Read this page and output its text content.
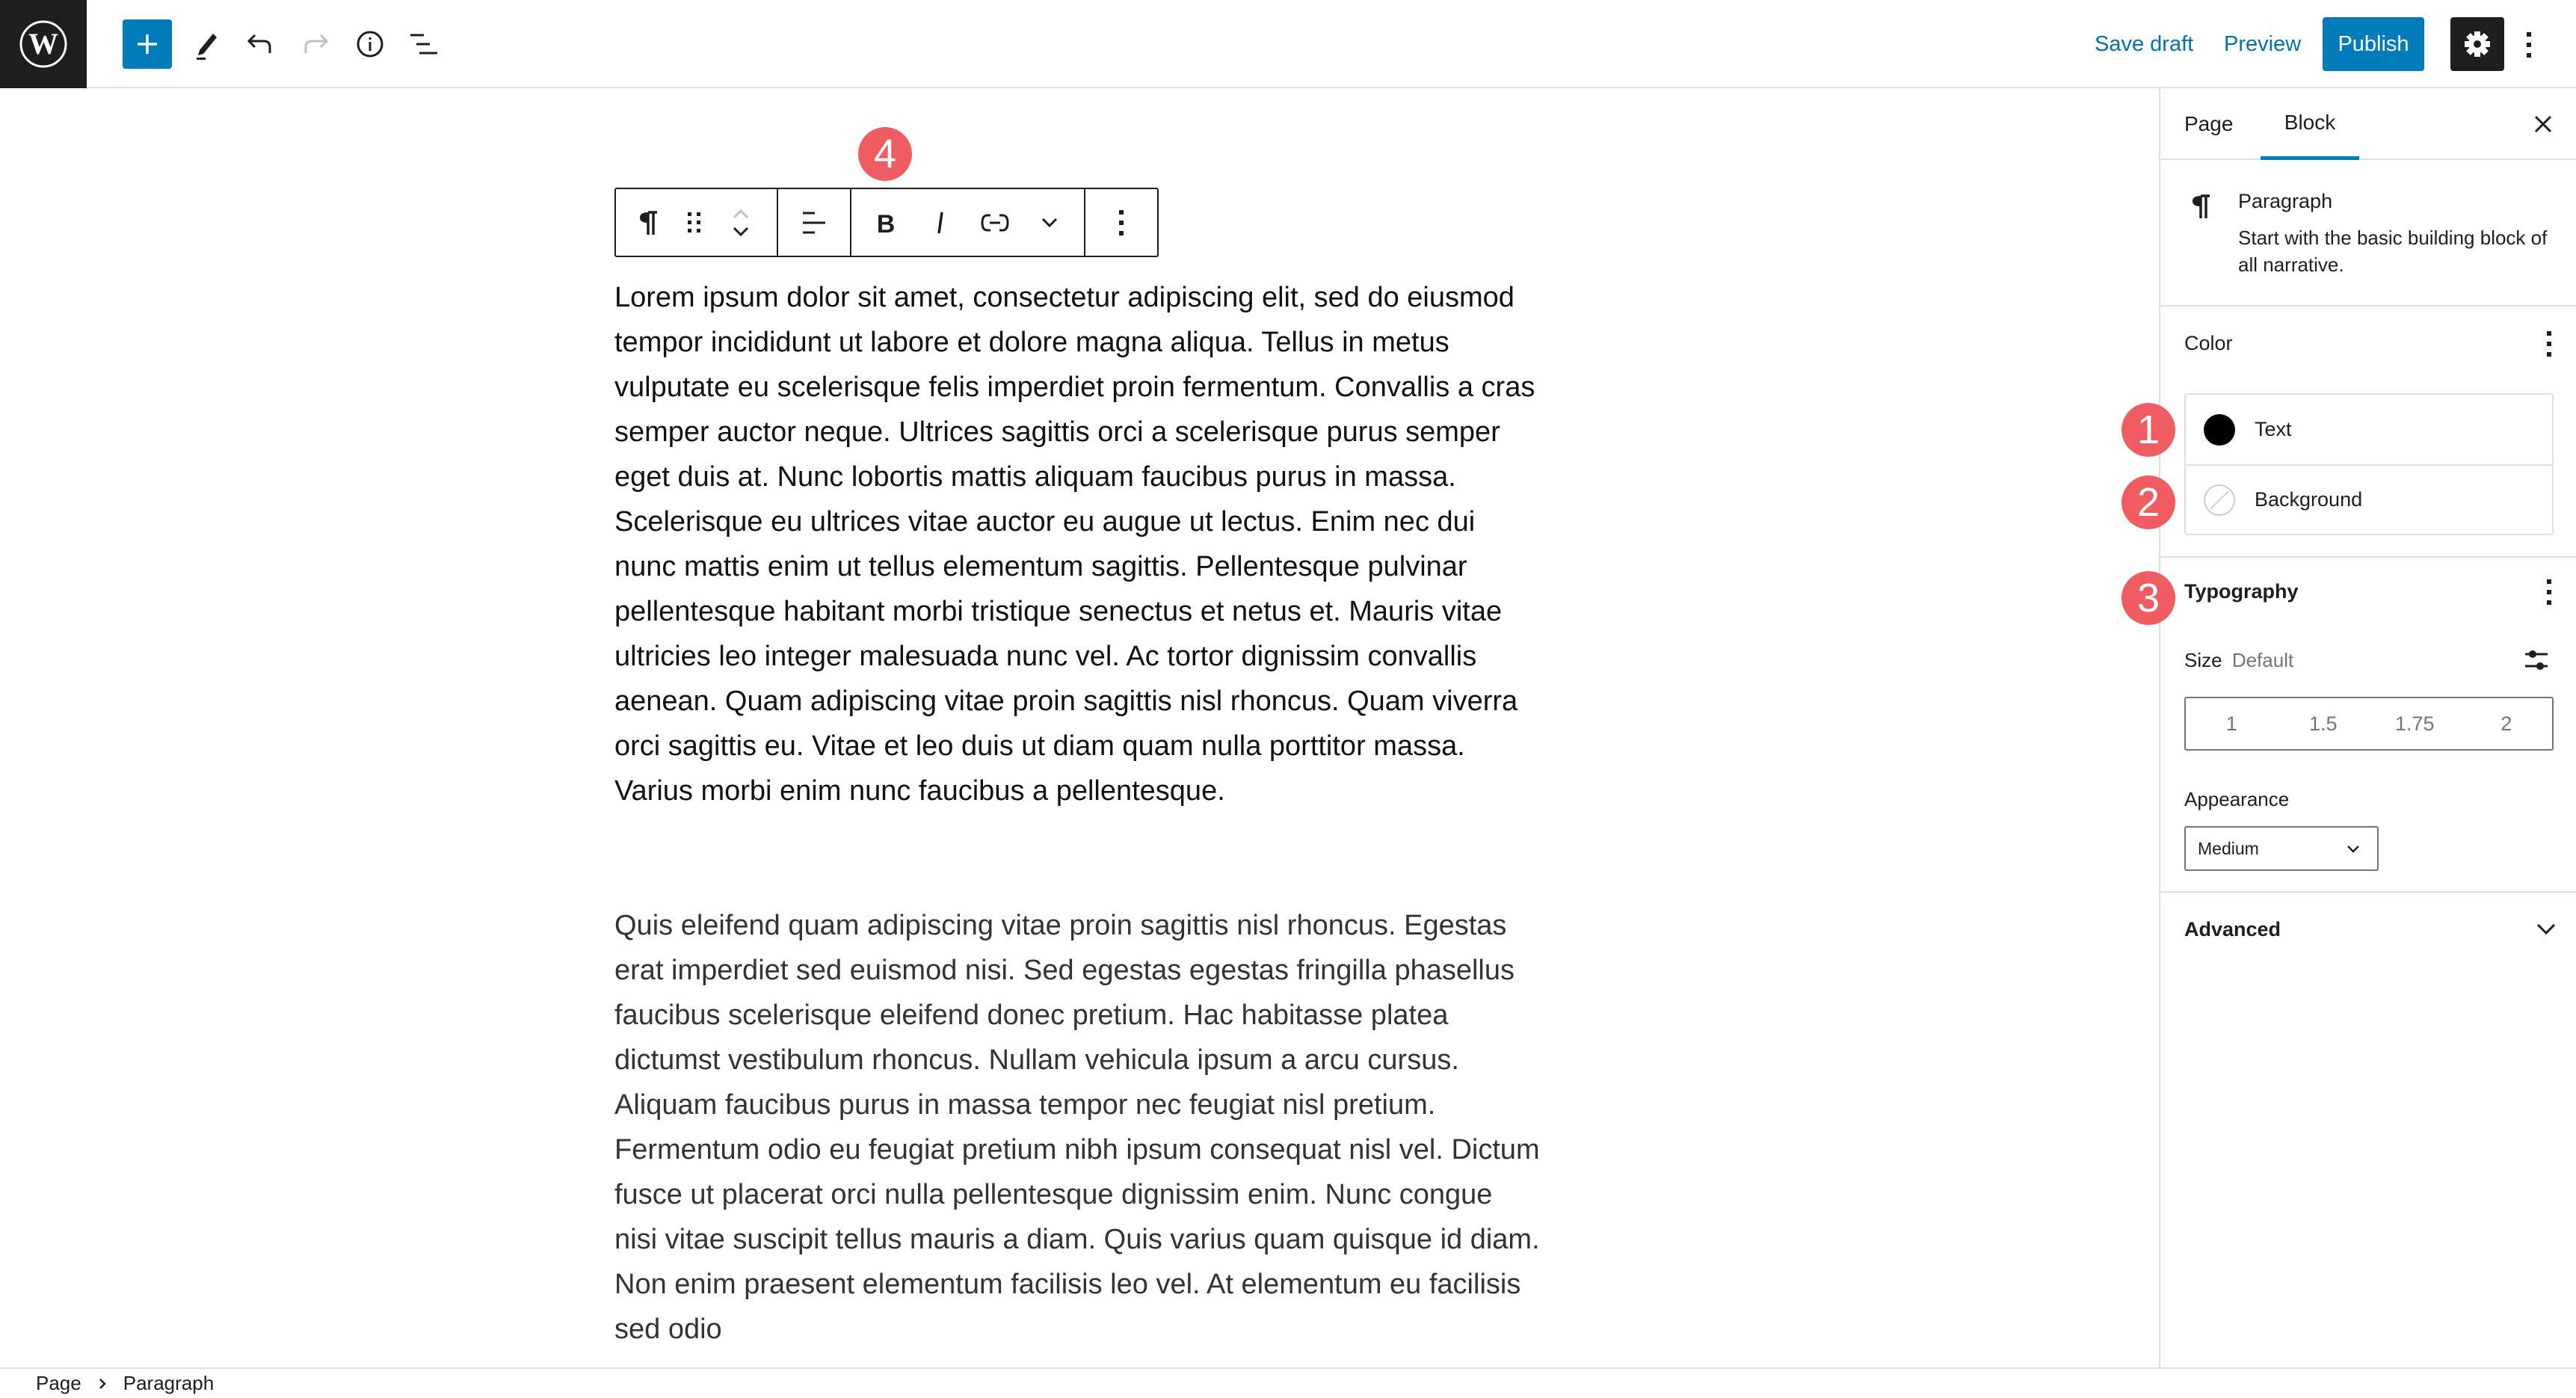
W	Save draft Preview	Publish
4
B

Lorem ipsum dolor sit amet, consectetur adipiscing elit, sed do eiusmod tempor incididunt ut labore et dolore magna aliqua. Tellus in metus vulputate eu scelerisque felis imperdiet proin fermentum. Convallis a cras semper auctor neque. Ultrices sagittis orci a scelerisque purus semper eget duis at. Nunc lobortis mattis aliquam faucibus purus in massa. Scelerisque eu ultrices vitae auctor eu augue ut lectus. Enim nec dui nunc mattis enim ut tellus elementum sagittis. Pellentesque pulvinar pellentesque habitant morbi tristique senectus et netus et. Mauris vitae ultricies leo integer malesuada nunc vel. Ac tortor dignissim convallis aenean. Quam adipiscing vitae proin sagittis nisl rhoncus. Quam viverra orci sagittis eu. Vitae et leo duis ut diam quam nulla porttitor massa. Varius morbi enim nunc faucibus a pellentesque.

Quis eleifend quam adipiscing vitae proin sagittis nisl rhoncus. Egestas erat imperdiet sed euismod nisi. Sed egestas egestas fringilla phasellus faucibus scelerisque eleifend donec pretium. Hac habitasse platea dictumst vestibulum rhoncus. Nullam vehicula ipsum a arcu cursus. Aliquam faucibus purus in massa tempor nec feugiat nisl pretium. Fermentum odio eu feugiat pretium nibh ipsum consequat nisl vel. Dictum fusce ut placerat orci nulla pellentesque dignissim enim. Nunc congue nisi vitae suscipit tellus mauris a diam. Quis varius quam quisque id diam. Non enim praesent elementum facilisis leo vel. At elementum eu facilisis sed odio

Page	Block
Paragraph
Start with the basic building block of all narrative.
Color
Text
Background
Typography
Size Default
1	1.5	1.75	2
Appearance
Medium
Advanced
1
2
3
Page Paragraph
